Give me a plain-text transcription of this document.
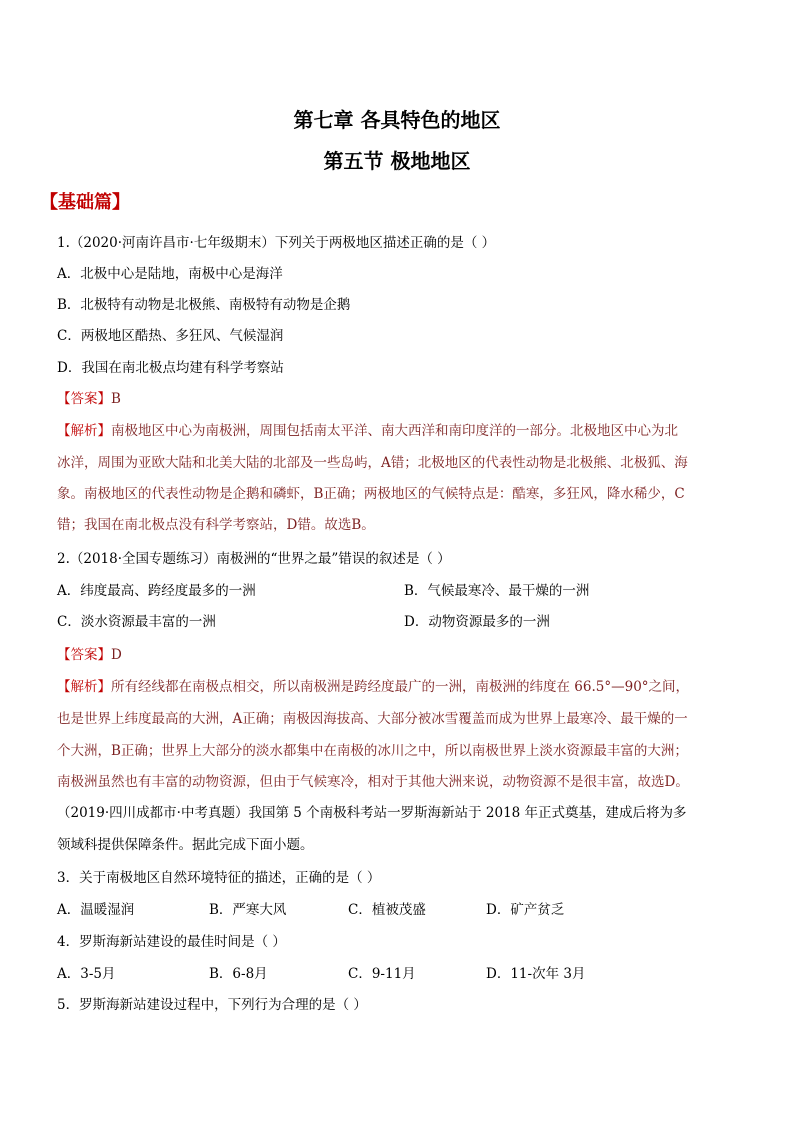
第七章 各具特色的地区
第五节 极地地区
【基础篇】
1.（2020·河南许昌市·七年级期末）下列关于两极地区描述正确的是（ ）
A．北极中心是陆地，南极中心是海洋
B．北极特有动物是北极熊、南极特有动物是企鹅
C．两极地区酷热、多狂风、气候湿润
D．我国在南北极点均建有科学考察站
【答案】B
【解析】南极地区中心为南极洲，周围包括南太平洋、南大西洋和南印度洋的一部分。北极地区中心为北
冰洋，周围为亚欧大陆和北美大陆的北部及一些岛屿，A错；北极地区的代表性动物是北极熊、北极狐、海
象。南极地区的代表性动物是企鹅和磷虾，B正确；两极地区的气候特点是：酷寒，多狂风，降水稀少，C
错；我国在南北极点没有科学考察站，D错。故选B。
2.（2018·全国专题练习）南极洲的“世界之最”错误的叙述是（ ）
A．纬度最高、跨经度最多的一洲	B．气候最寒冷、最干燥的一洲
C．淡水资源最丰富的一洲	D．动物资源最多的一洲
【答案】D
【解析】所有经线都在南极点相交，所以南极洲是跨经度最广的一洲，南极洲的纬度在 66.5°—90°之间，
也是世界上纬度最高的大洲，A正确；南极因海拔高、大部分被冰雪覆盖而成为世界上最寒冷、最干燥的一
个大洲，B正确；世界上大部分的淡水都集中在南极的冰川之中，所以南极世界上淡水资源最丰富的大洲；
南极洲虽然也有丰富的动物资源，但由于气候寒冷，相对于其他大洲来说，动物资源不是很丰富，故选D。
（2019·四川成都市·中考真题）我国第 5 个南极科考站一罗斯海新站于 2018 年正式奠基，建成后将为多
领域科提供保障条件。据此完成下面小题。
3．关于南极地区自然环境特征的描述，正确的是（ ）
A．温暖湿润	B．严寒大风	C．植被茂盛	D．矿产贫乏
4．罗斯海新站建设的最佳时间是（ ）
A．3-5月	B．6-8月	C．9-11月	D．11-次年 3月
5．罗斯海新站建设过程中，下列行为合理的是（ ）
